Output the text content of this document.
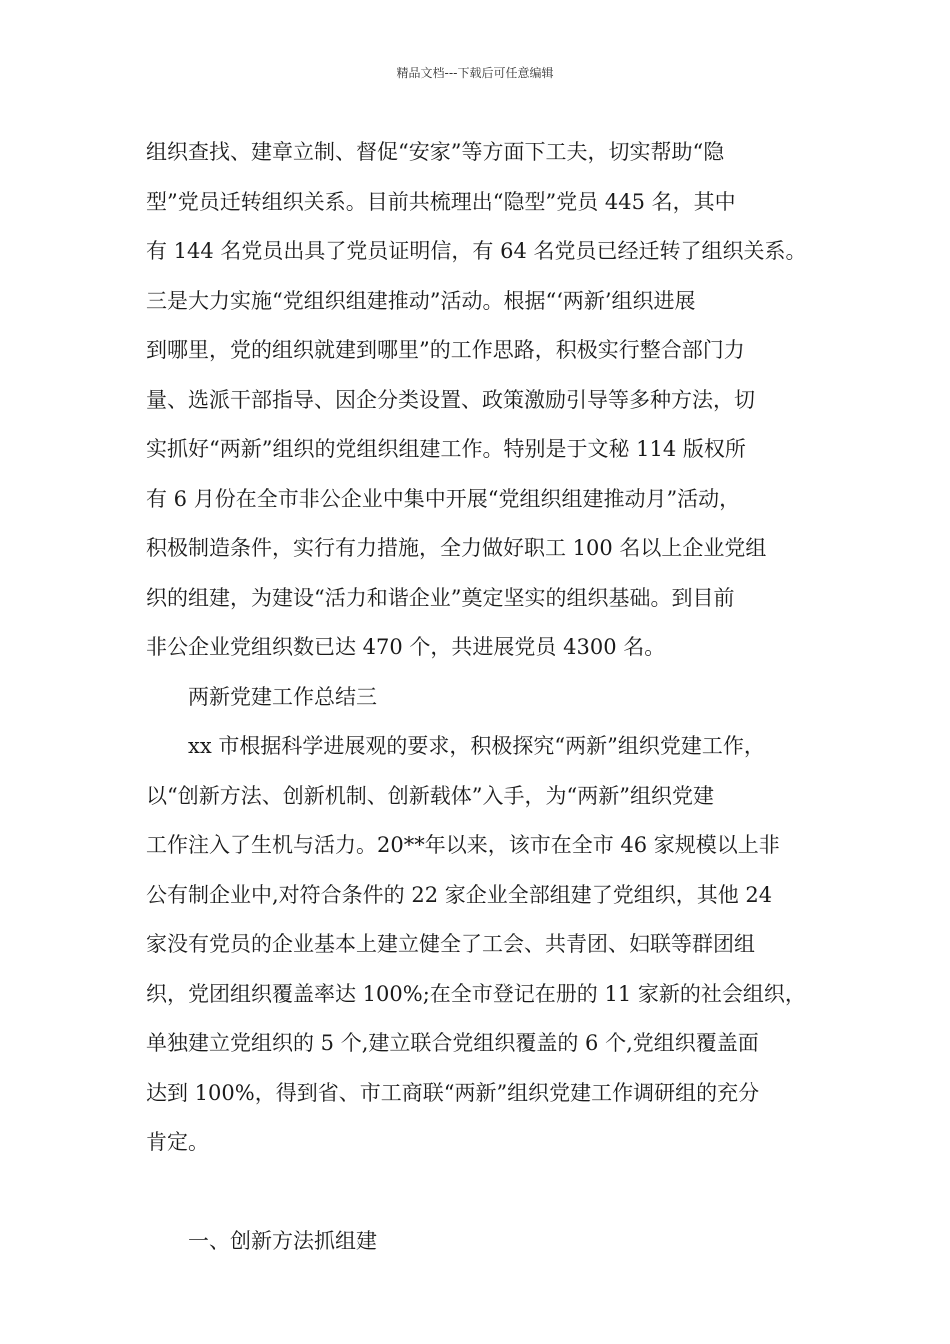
精品文档---下载后可任意编辑
组织查找、建章立制、督促“安家”等方面下工夫，切实帮助“隐
型”党员迁转组织关系。目前共梳理出“隐型”党员 445 名，其中
有 144 名党员出具了党员证明信，有 64 名党员已经迁转了组织关系。
三是大力实施“党组织组建推动”活动。根据“‘两新’组织进展
到哪里，党的组织就建到哪里”的工作思路，积极实行整合部门力
量、选派干部指导、因企分类设置、政策激励引导等多种方法，切
实抓好“两新”组织的党组织组建工作。特别是于文秘 114 版权所
有 6 月份在全市非公企业中集中开展“党组织组建推动月”活动，
积极制造条件，实行有力措施，全力做好职工 100 名以上企业党组
织的组建，为建设“活力和谐企业”奠定坚实的组织基础。到目前
非公企业党组织数已达 470 个，共进展党员 4300 名。
两新党建工作总结三
xx 市根据科学进展观的要求，积极探究“两新”组织党建工作，
以“创新方法、创新机制、创新载体”入手，为“两新”组织党建
工作注入了生机与活力。20**年以来，该市在全市 46 家规模以上非
公有制企业中,对符合条件的 22 家企业全部组建了党组织，其他 24
家没有党员的企业基本上建立健全了工会、共青团、妇联等群团组
织，党团组织覆盖率达 100%;在全市登记在册的 11 家新的社会组织，
单独建立党组织的 5 个,建立联合党组织覆盖的 6 个,党组织覆盖面
达到 100%，得到省、市工商联“两新”组织党建工作调研组的充分
肯定。
一、创新方法抓组建
